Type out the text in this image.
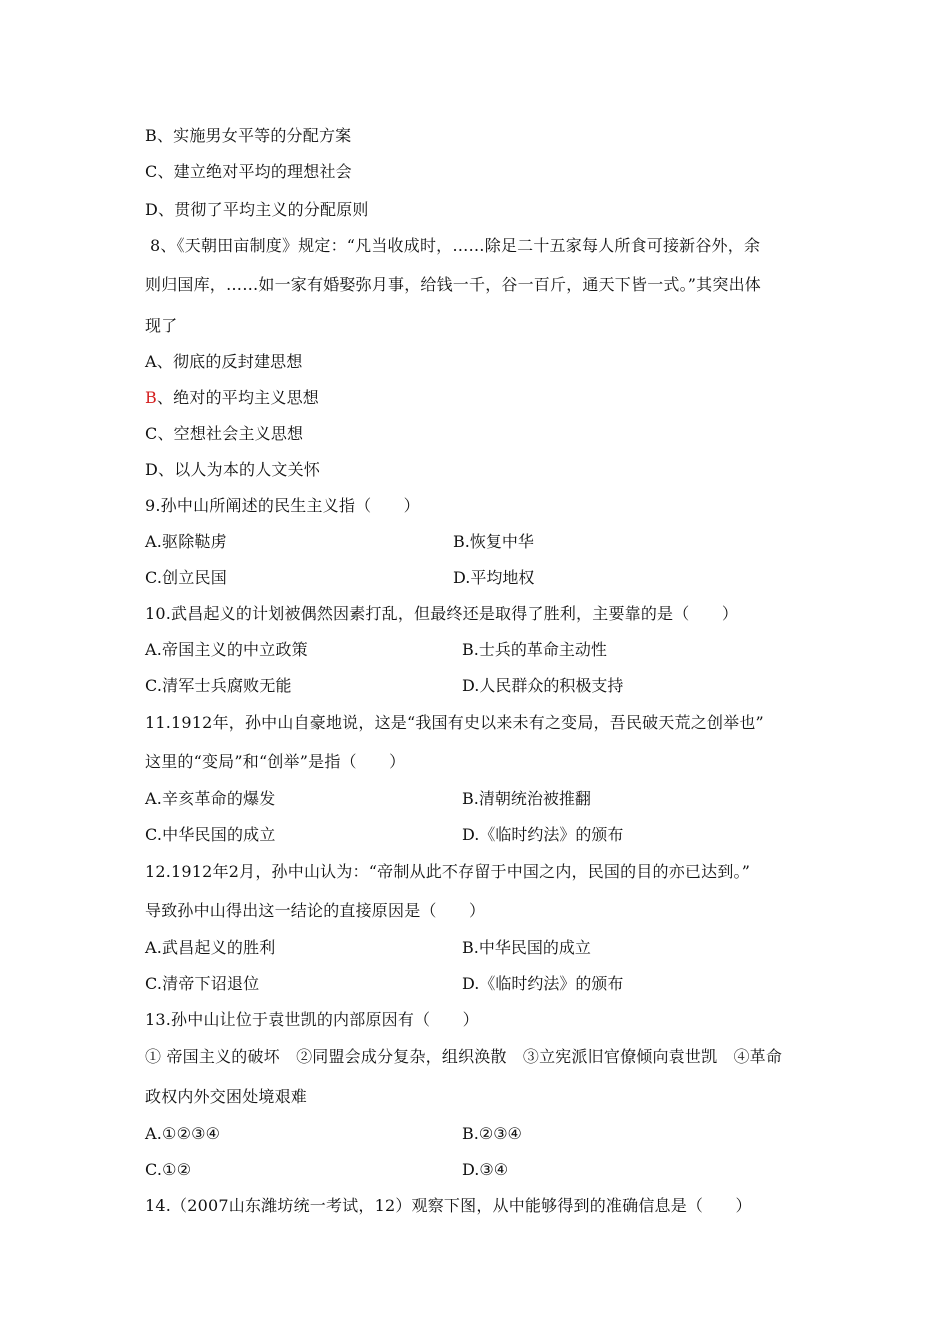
B、实施男女平等的分配方案
C、建立绝对平均的理想社会
D、贯彻了平均主义的分配原则
8、《天朝田亩制度》规定：“凡当收成时，……除足二十五家每人所食可接新谷外，余
则归国库，……如一家有婚娶弥月事，给钱一千，谷一百斤，通天下皆一式。”其突出体
现了
A、彻底的反封建思想
B、绝对的平均主义思想
C、空想社会主义思想
D、以人为本的人文关怀
9.孙中山所阐述的民生主义指（　　）
A.驱除鞑虏	B.恢复中华
C.创立民国	D.平均地权
10.武昌起义的计划被偶然因素打乱，但最终还是取得了胜利，主要靠的是（　　）
A.帝国主义的中立政策	B.士兵的革命主动性
C.清军士兵腐败无能	D.人民群众的积极支持
11.1912年，孙中山自豪地说，这是“我国有史以来未有之变局，吾民破天荒之创举也”
这里的“变局”和“创举”是指（　　）
A.辛亥革命的爆发	B.清朝统治被推翻
C.中华民国的成立	D.《临时约法》的颁布
12.1912年2月，孙中山认为：“帝制从此不存留于中国之内，民国的目的亦已达到。”
导致孙中山得出这一结论的直接原因是（　　）
A.武昌起义的胜利	B.中华民国的成立
C.清帝下诏退位	D.《临时约法》的颁布
13.孙中山让位于袁世凯的内部原因有（　　）
① 帝国主义的破坏　②同盟会成分复杂，组织涣散　③立宪派旧官僚倾向袁世凯　④革命
政权内外交困处境艰难
A.①②③④	B.②③④
C.①②	D.③④
14.（2007山东潍坊统一考试，12）观察下图，从中能够得到的准确信息是（　　）
